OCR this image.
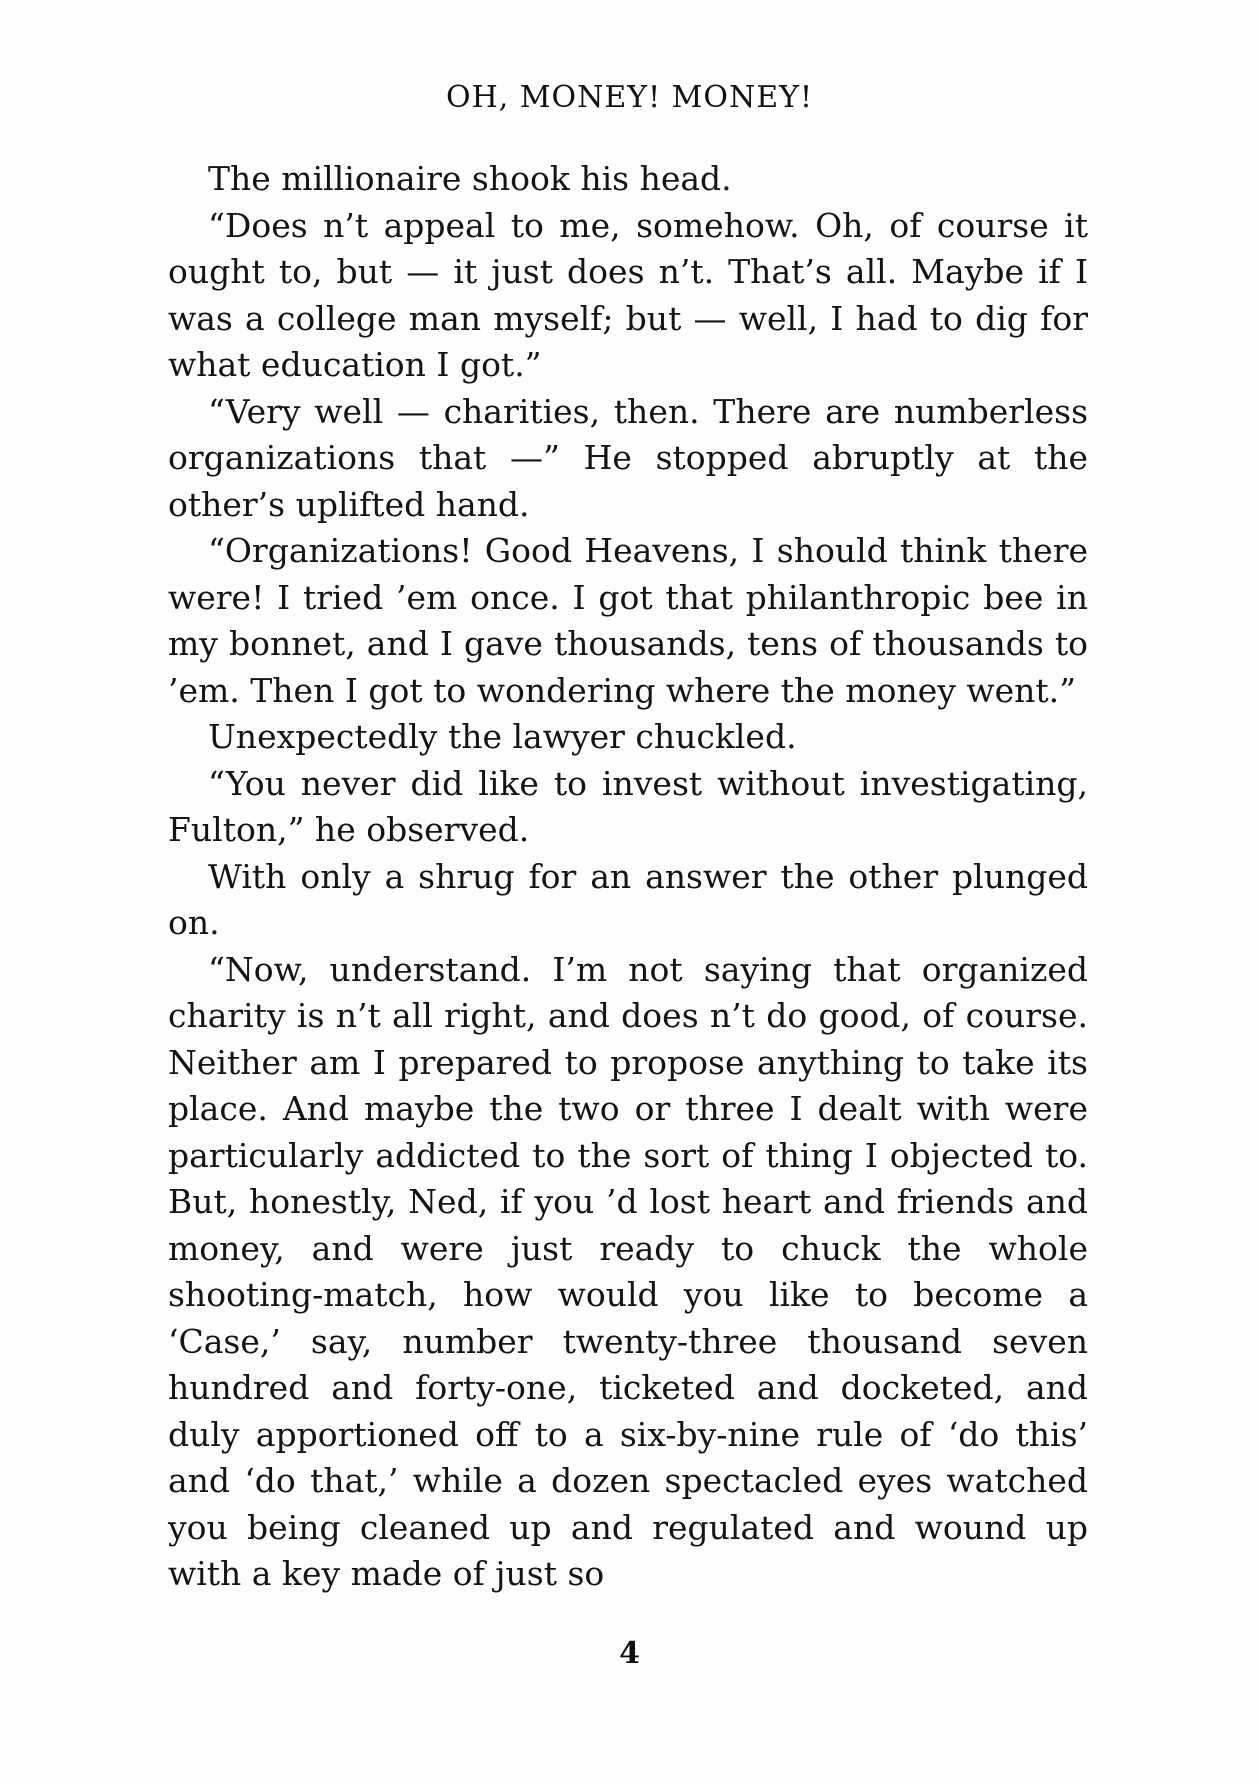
OH, MONEY! MONEY!

The millionaire shook his head.

“Does n’t appeal to me, somehow. Oh, of course it ought to, but — it just does n’t. That’s all. Maybe if I was a college man myself; but — well, I had to dig for what education I got.”

“Very well — charities, then. There are numberless organizations that —” He stopped abruptly at the other’s uplifted hand.

“Organizations! Good Heavens, I should think there were! I tried ’em once. I got that philanthropic bee in my bonnet, and I gave thousands, tens of thousands to ’em. Then I got to wondering where the money went.”

Unexpectedly the lawyer chuckled.

“You never did like to invest without investigating, Fulton,” he observed.

With only a shrug for an answer the other plunged on.

“Now, understand. I’m not saying that organized charity is n’t all right, and does n’t do good, of course. Neither am I prepared to propose anything to take its place. And maybe the two or three I dealt with were particularly addicted to the sort of thing I objected to. But, honestly, Ned, if you ’d lost heart and friends and money, and were just ready to chuck the whole shooting-match, how would you like to become a ‘Case,’ say, number twenty-three thousand seven hundred and forty-one, ticketed and docketed, and duly apportioned off to a six-by-nine rule of ‘do this’ and ‘do that,’ while a dozen spectacled eyes watched you being cleaned up and regulated and wound up with a key made of just so

4
